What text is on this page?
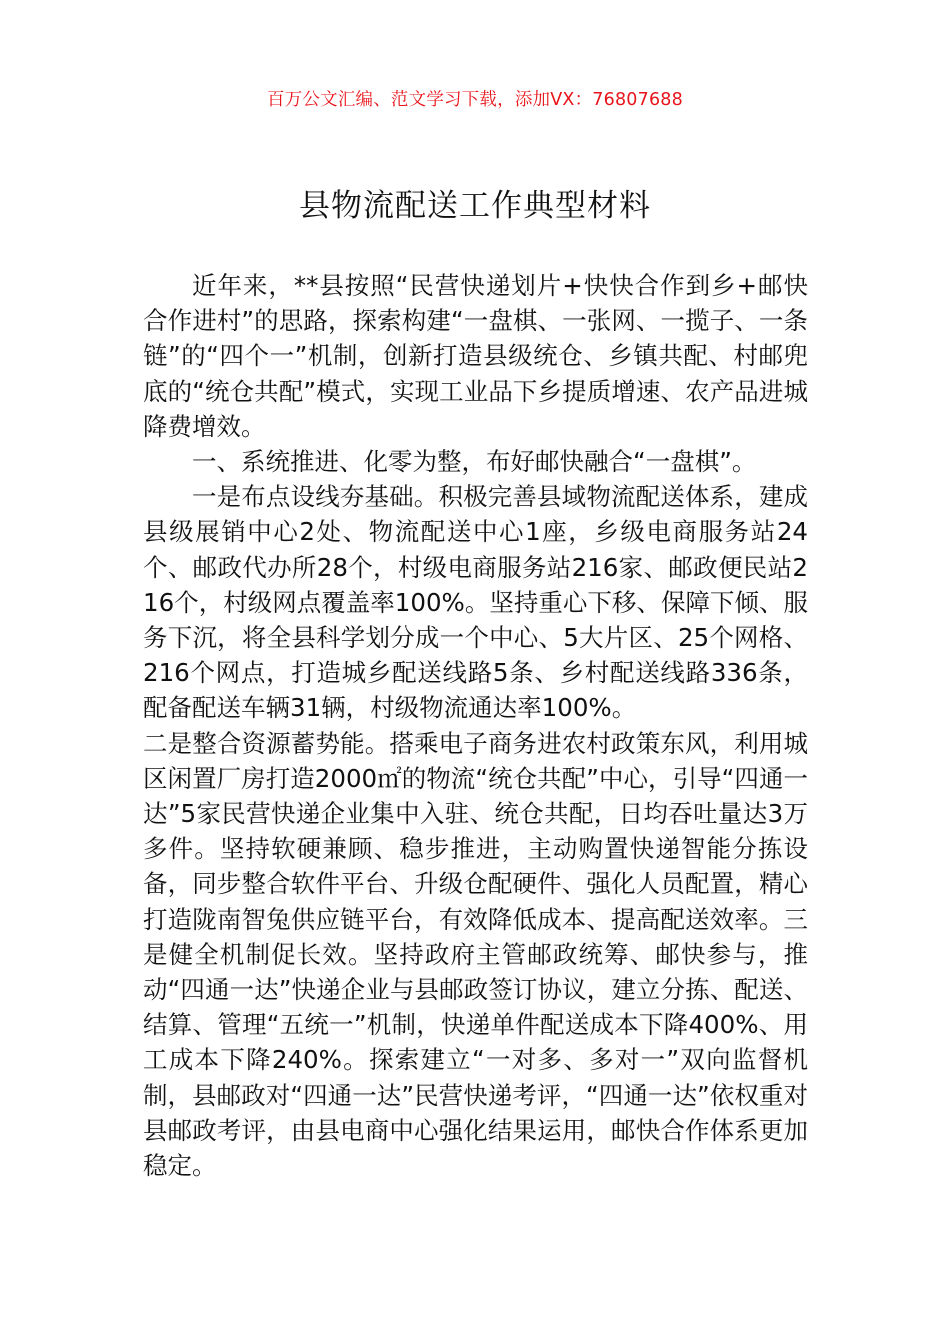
百万公文汇编、范文学习下载，添加VX：76807688
县物流配送工作典型材料

近年来，**县按照“民营快递划片+快快合作到乡+邮快合作进村”的思路，探索构建“一盘棋、一张网、一揽子、一条链”的“四个一”机制，创新打造县级统仓、乡镇共配、村邮兜底的“统仓共配”模式，实现工业品下乡提质增速、农产品进城降费增效。

一、系统推进、化零为整，布好邮快融合“一盘棋”。

一是布点设线夯基础。积极完善县域物流配送体系，建成县级展销中心2处、物流配送中心1座，乡级电商服务站24个、邮政代办所28个，村级电商服务站216家、邮政便民站216个，村级网点覆盖率100%。坚持重心下移、保障下倾、服务下沉，将全县科学划分成一个中心、5大片区、25个网格、216个网点，打造城乡配送线路5条、乡村配送线路336条，配备配送车辆31辆，村级物流通达率100%。

二是整合资源蓄势能。搭乘电子商务进农村政策东风，利用城区闲置厂房打造2000㎡的物流“统仓共配”中心，引导“四通一达”5家民营快递企业集中入驻、统仓共配，日均吞吐量达3万多件。坚持软硬兼顾、稳步推进，主动购置快递智能分拣设备，同步整合软件平台、升级仓配硬件、强化人员配置，精心打造陇南智兔供应链平台，有效降低成本、提高配送效率。三是健全机制促长效。坚持政府主管邮政统筹、邮快参与，推动“四通一达”快递企业与县邮政签订协议，建立分拣、配送、结算、管理“五统一”机制，快递单件配送成本下降400%、用工成本下降240%。探索建立“一对多、多对一”双向监督机制，县邮政对“四通一达”民营快递考评，“四通一达”依权重对县邮政考评，由县电商中心强化结果运用，邮快合作体系更加稳定。
